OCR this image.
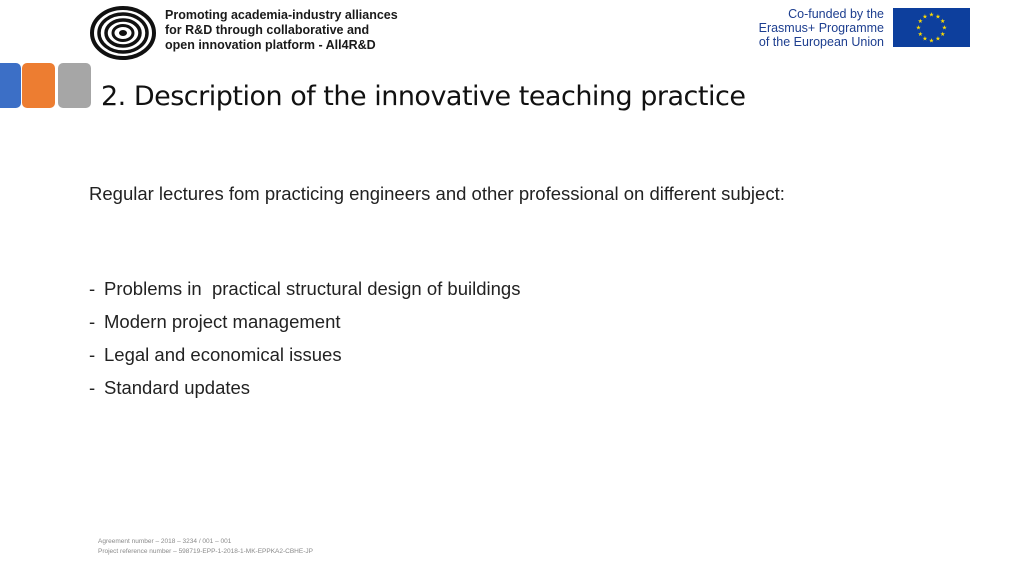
Promoting academia-industry alliances
for R&D through collaborative and
open innovation platform - All4R&D
Co-funded by the
Erasmus+ Programme
of the European Union
★ ★
★
★
★
★
★
★
★
★
★
★
2. Description of the innovative teaching practice

Regular lectures fom practicing engineers and other professional on different subject:

- Problems in  practical structural design of buildings
- Modern project management
- Legal and economical issues
- Standard updates
Agreement number – 2018 – 3234 / 001 – 001
Project reference number – 598719-EPP-1-2018-1-MK-EPPKA2-CBHE-JP
